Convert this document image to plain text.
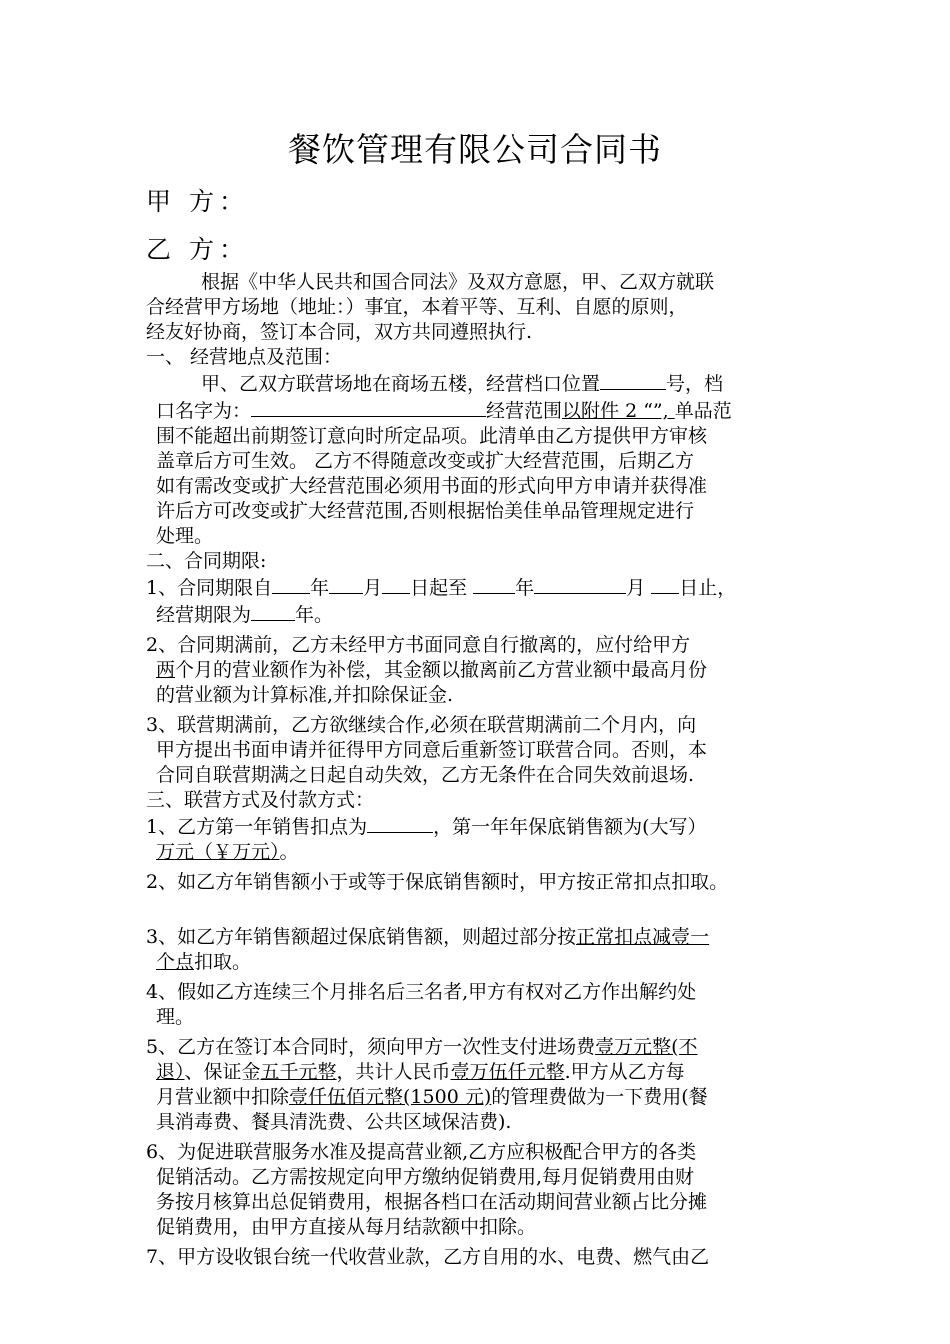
餐饮管理有限公司合同书
甲 方：
乙 方：
根据《中华人民共和国合同法》及双方意愿，甲、乙双方就联
合经营甲方场地（地址：）事宜，本着平等、互利、自愿的原则，
经友好协商，签订本合同，双方共同遵照执行.
一、 经营地点及范围：
甲、乙双方联营场地在商场五楼，经营档口位置	号，档
口名字为：	经营范围以附件 2 “”, 单品范
围不能超出前期签订意向时所定品项。此清单由乙方提供甲方审核
盖章后方可生效。 乙方不得随意改变或扩大经营范围，后期乙方
如有需改变或扩大经营范围必须用书面的形式向甲方申请并获得准
许后方可改变或扩大经营范围,否则根据怡美佳单品管理规定进行
处理。
二、合同期限:
1、合同期限自 年 月 日起至 年	月 日止，
经营期限为 年。
2、合同期满前，乙方未经甲方书面同意自行撤离的，应付给甲方
两个月的营业额作为补偿，其金额以撤离前乙方营业额中最高月份
的营业额为计算标准,并扣除保证金.
3、联营期满前，乙方欲继续合作,必须在联营期满前二个月内，向
甲方提出书面申请并征得甲方同意后重新签订联营合同。否则，本
合同自联营期满之日起自动失效，乙方无条件在合同失效前退场.
三、联营方式及付款方式：
1、乙方第一年销售扣点为	，第一年年保底销售额为(大写）
万元（￥万元）。
2、如乙方年销售额小于或等于保底销售额时，甲方按正常扣点扣取。
3、如乙方年销售额超过保底销售额，则超过部分按正常扣点减壹一
个点扣取。
4、假如乙方连续三个月排名后三名者,甲方有权对乙方作出解约处
理。
5、乙方在签订本合同时，须向甲方一次性支付进场费壹万元整(不
退）、保证金五千元整，共计人民币壹万伍仟元整.甲方从乙方每
月营业额中扣除壹仟伍佰元整(1500 元)的管理费做为一下费用(餐
具消毒费、餐具清洗费、公共区域保洁费).
6、为促进联营服务水准及提高营业额,乙方应积极配合甲方的各类
促销活动。乙方需按规定向甲方缴纳促销费用,每月促销费用由财
务按月核算出总促销费用，根据各档口在活动期间营业额占比分摊
促销费用，由甲方直接从每月结款额中扣除。
7、甲方设收银台统一代收营业款，乙方自用的水、电费、燃气由乙
